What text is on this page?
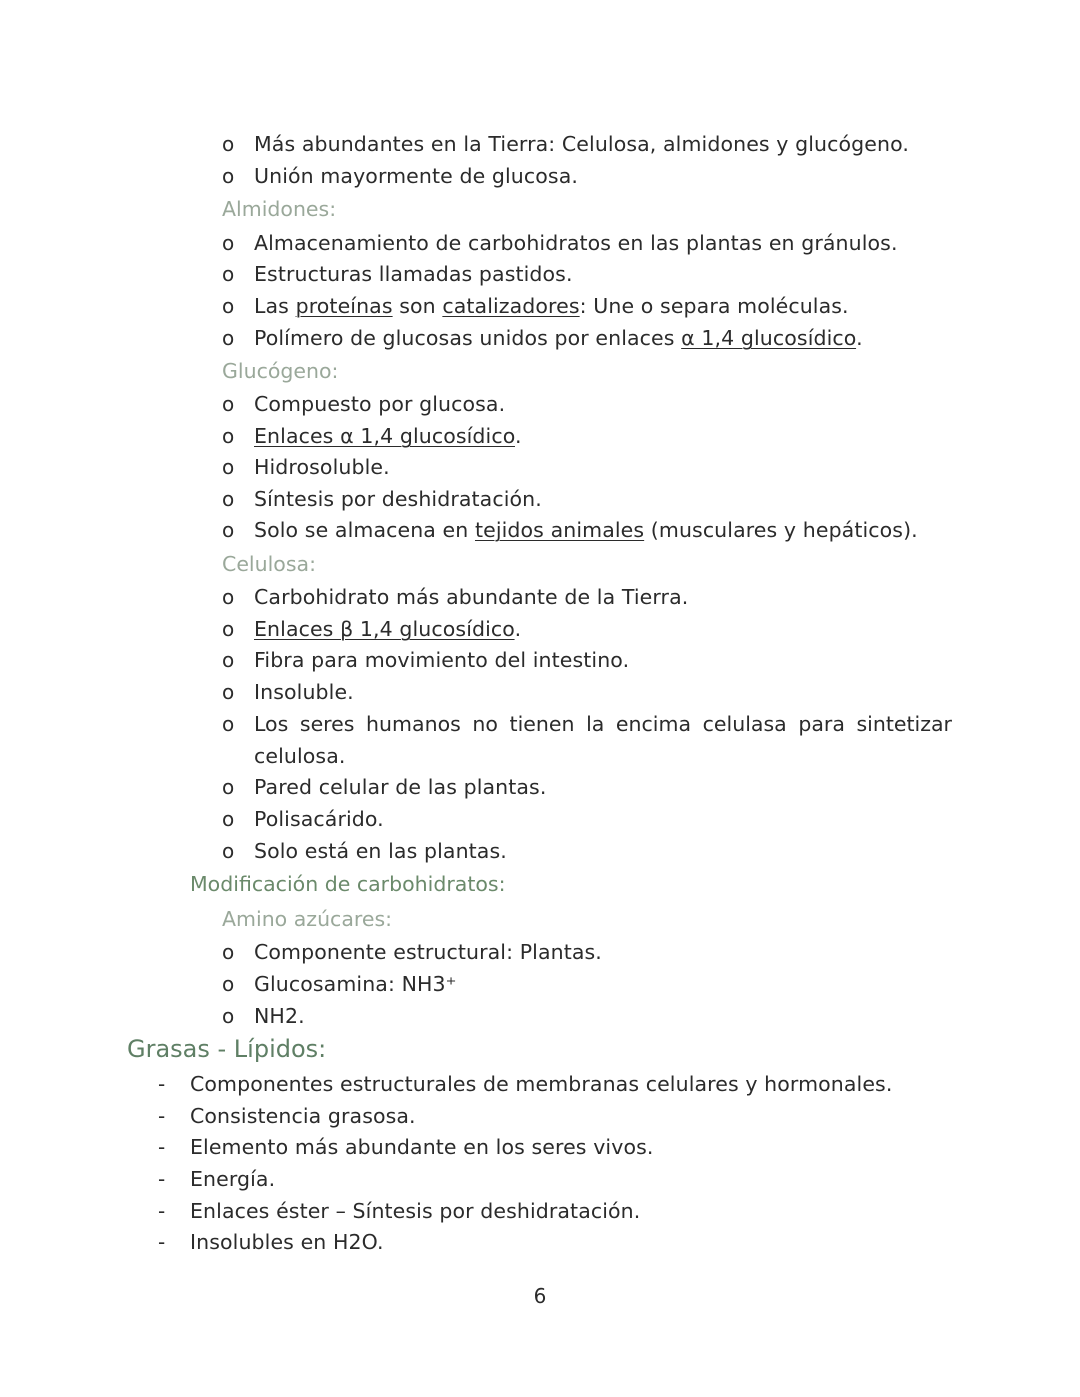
o Más abundantes en la Tierra: Celulosa, almidones y glucógeno.
o Unión mayormente de glucosa.
Almidones:
o Almacenamiento de carbohidratos en las plantas en gránulos.
o Estructuras llamadas pastidos.
o Las proteínas son catalizadores: Une o separa moléculas.
o Polímero de glucosas unidos por enlaces α 1,4 glucosídico.
Glucógeno:
o Compuesto por glucosa.
o Enlaces α 1,4 glucosídico.
o Hidrosoluble.
o Síntesis por deshidratación.
o Solo se almacena en tejidos animales (musculares y hepáticos).
Celulosa:
o Carbohidrato más abundante de la Tierra.
o Enlaces β 1,4 glucosídico.
o Fibra para movimiento del intestino.
o Insoluble.
o Los seres humanos no tienen la encima celulasa para sintetizar
celulosa.
o Pared celular de las plantas.
o Polisacárido.
o Solo está en las plantas.
Modificación de carbohidratos:
Amino azúcares:
o Componente estructural: Plantas.
o Glucosamina: NH3⁺
o NH2.
Grasas - Lípidos:
- Componentes estructurales de membranas celulares y hormonales.
- Consistencia grasosa.
- Elemento más abundante en los seres vivos.
- Energía.
- Enlaces éster – Síntesis por deshidratación.
- Insolubles en H2O.
6
